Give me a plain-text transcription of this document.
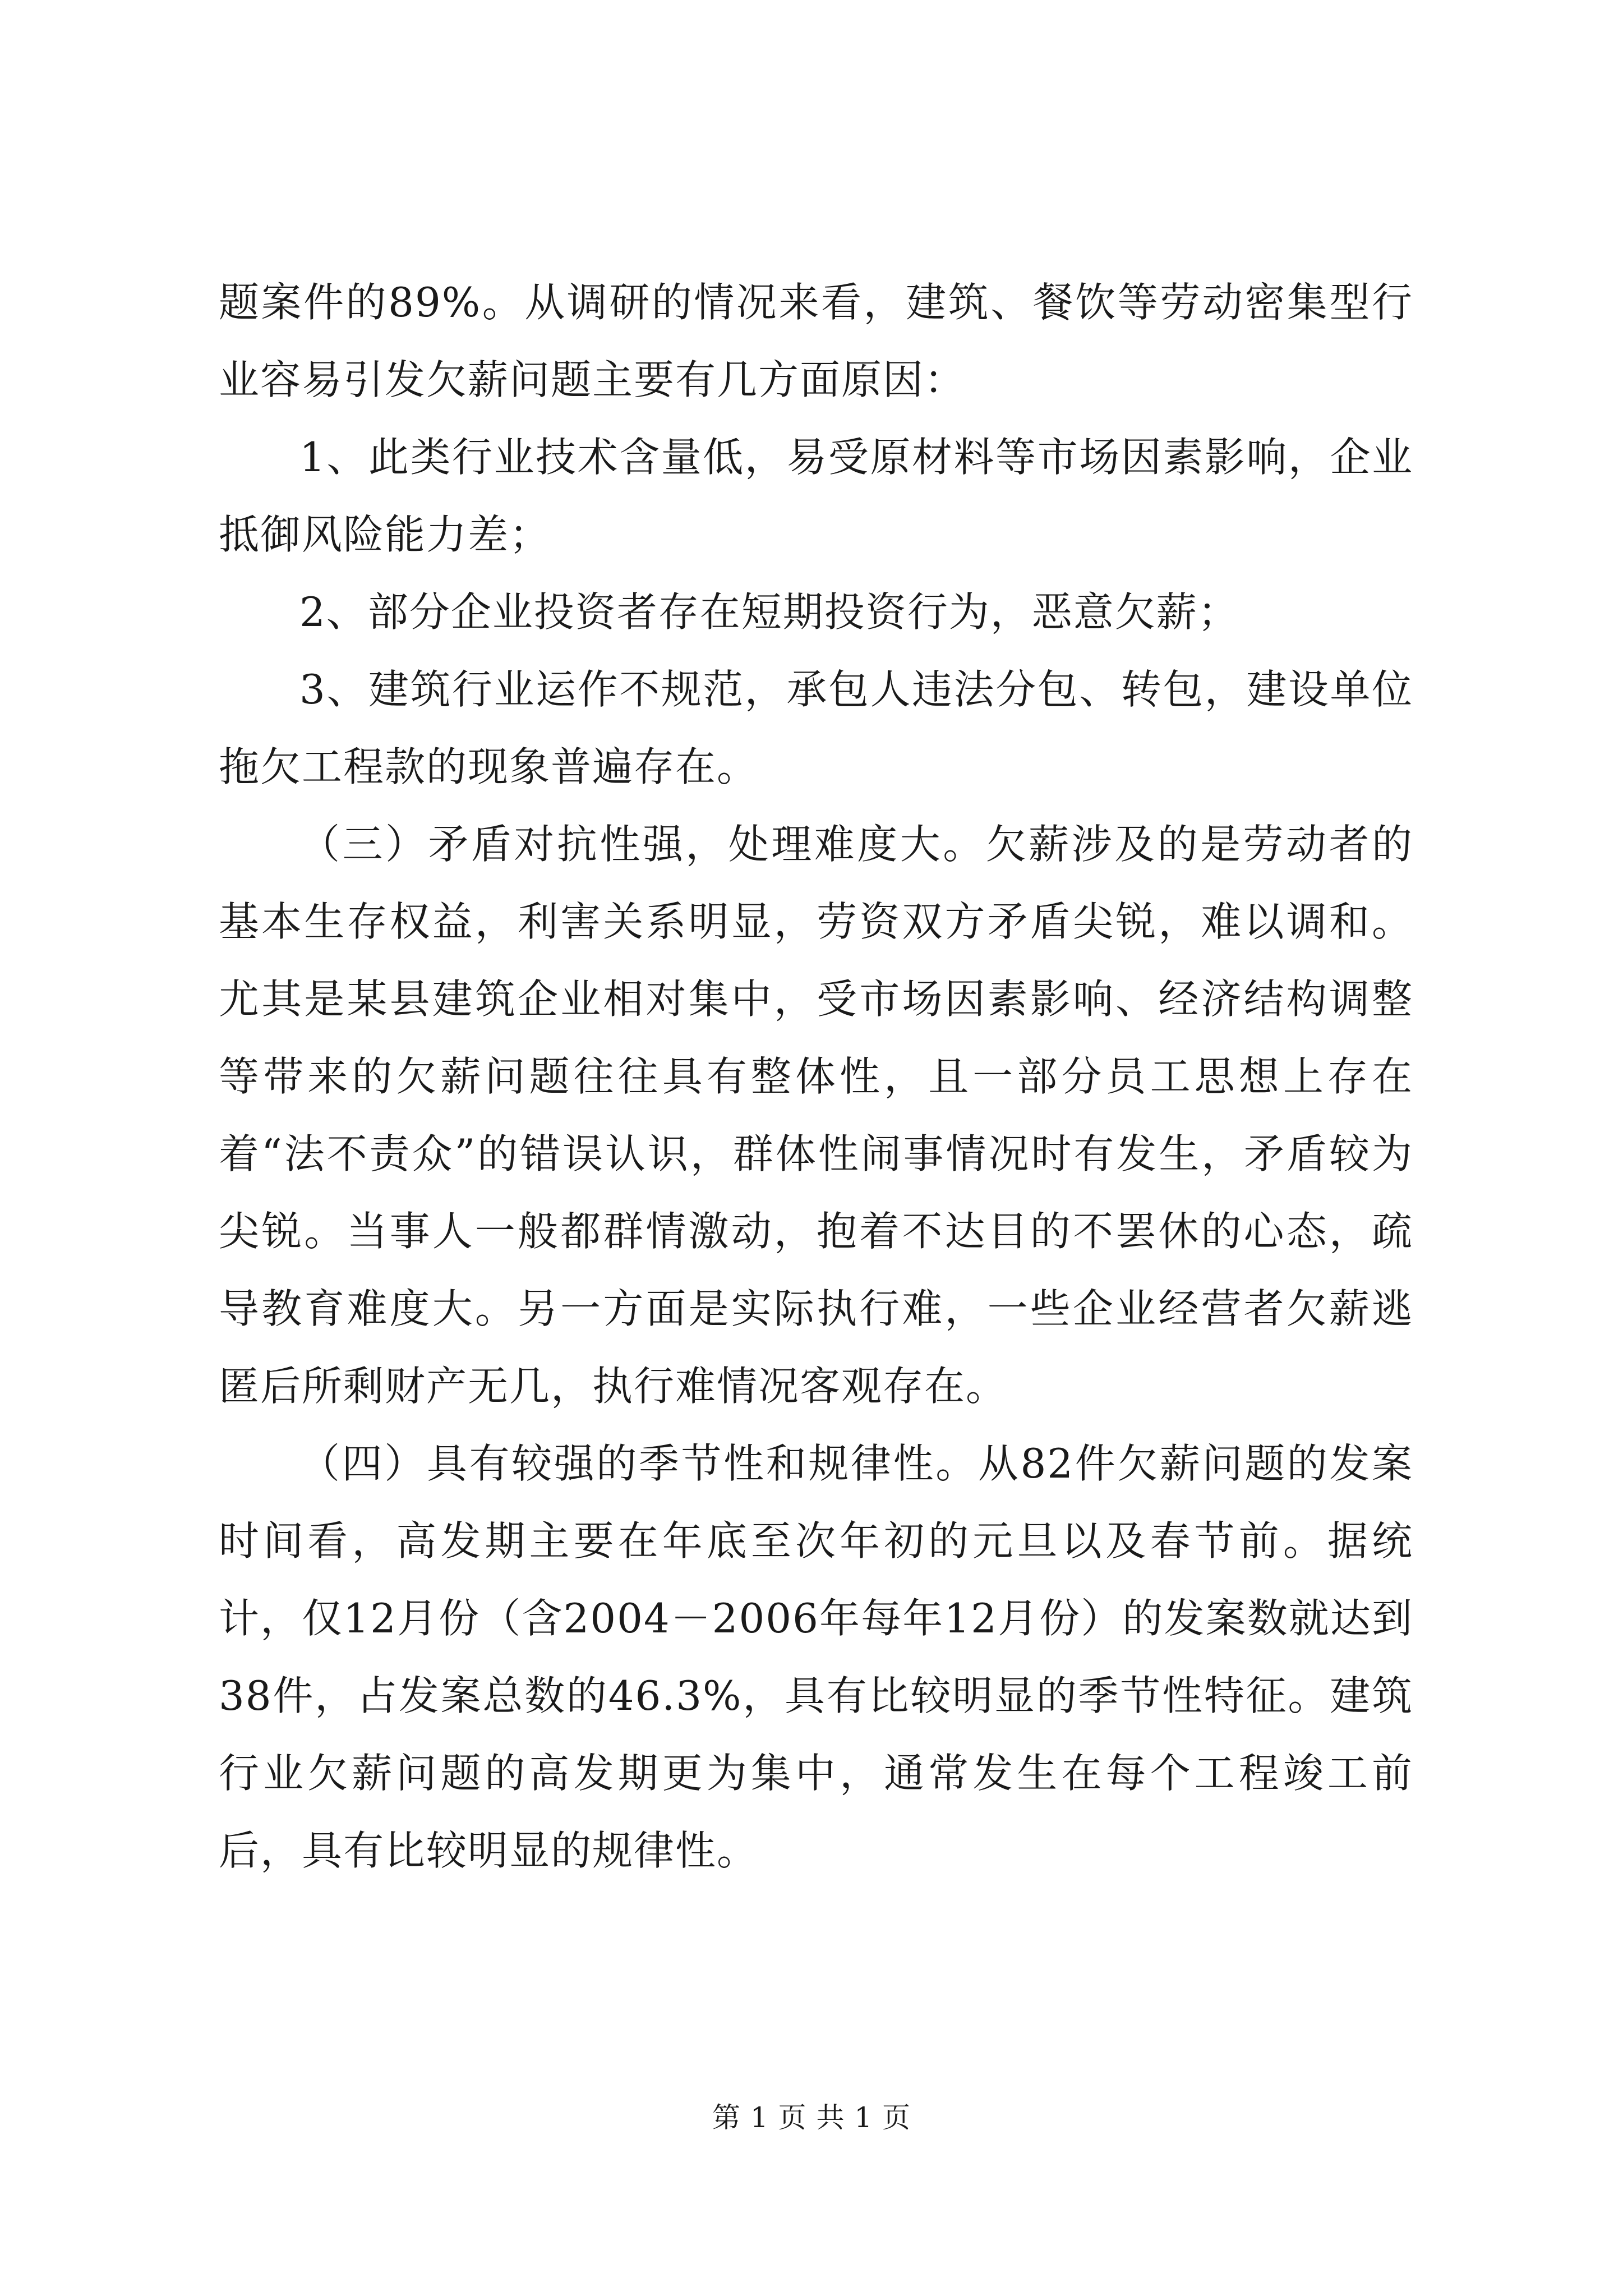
题案件的89%。从调研的情况来看，建筑、餐饮等劳动密集型行业容易引发欠薪问题主要有几方面原因：

1、此类行业技术含量低，易受原材料等市场因素影响，企业抵御风险能力差；

2、部分企业投资者存在短期投资行为，恶意欠薪；

3、建筑行业运作不规范，承包人违法分包、转包，建设单位拖欠工程款的现象普遍存在。

（三）矛盾对抗性强，处理难度大。欠薪涉及的是劳动者的基本生存权益，利害关系明显，劳资双方矛盾尖锐，难以调和。尤其是某县建筑企业相对集中，受市场因素影响、经济结构调整等带来的欠薪问题往往具有整体性，且一部分员工思想上存在着“法不责众”的错误认识，群体性闹事情况时有发生，矛盾较为尖锐。当事人一般都群情激动，抱着不达目的不罢休的心态，疏导教育难度大。另一方面是实际执行难，一些企业经营者欠薪逃匿后所剩财产无几，执行难情况客观存在。

（四）具有较强的季节性和规律性。从82件欠薪问题的发案时间看，高发期主要在年底至次年初的元旦以及春节前。据统计，仅12月份（含2004－2006年每年12月份）的发案数就达到38件，占发案总数的46.3%，具有比较明显的季节性特征。建筑行业欠薪问题的高发期更为集中，通常发生在每个工程竣工前后，具有比较明显的规律性。

第 1 页 共 1 页
